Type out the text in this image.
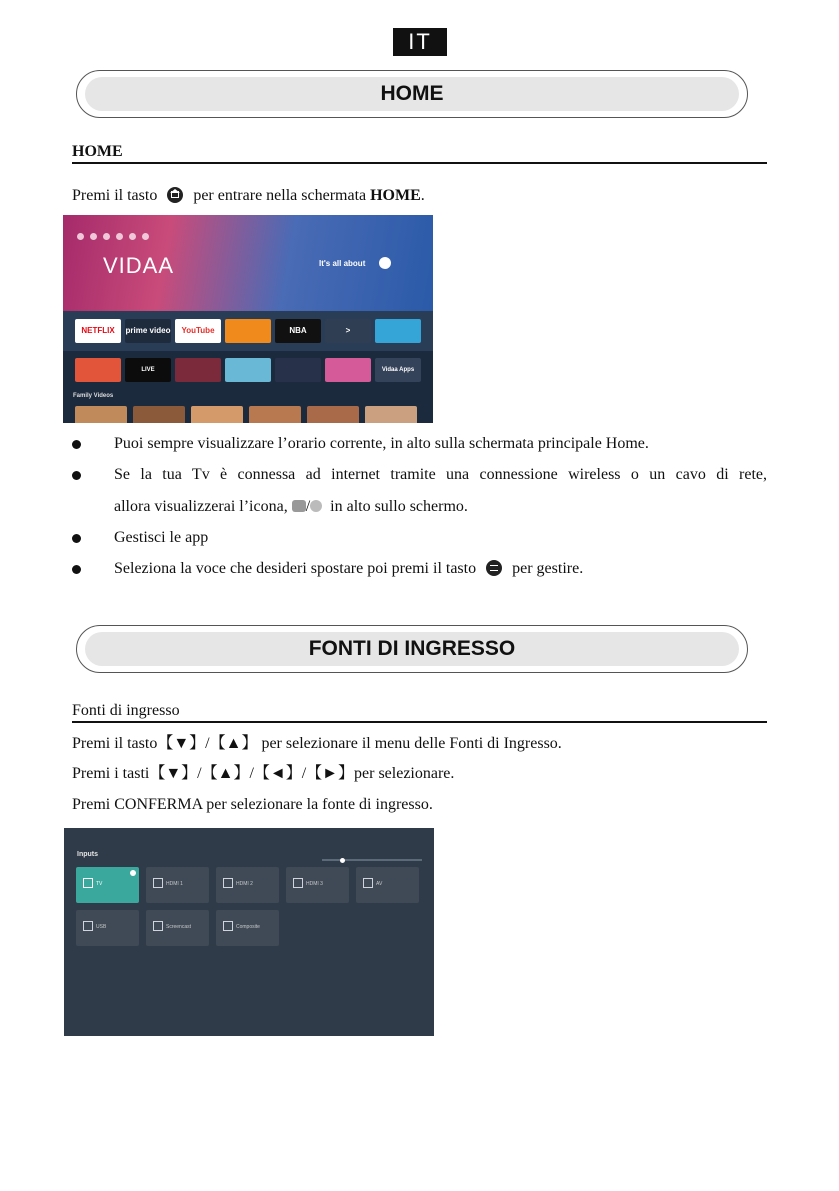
IT
HOME
HOME
Premi il tasto per entrare nella schermata HOME.
VIDAA	It's all about
NETFLIX	prime video	YouTube	NBA	>
LIVE	Vidaa Apps
Family Videos
Puoi sempre visualizzare l’orario corrente, in alto sulla schermata principale Home.
Se la tua Tv è connessa ad internet tramite una connessione wireless o un cavo di rete,
allora visualizzerai l’icona, / in alto sullo schermo.
Gestisci le app
Seleziona la voce che desideri spostare poi premi il tasto per gestire.
FONTI DI INGRESSO
Fonti di ingresso
Premi il tasto【▼】/【▲】 per selezionare il menu delle Fonti di Ingresso.
Premi i tasti【▼】/【▲】/【◄】/【►】per selezionare.
Premi CONFERMA per selezionare la fonte di ingresso.
Inputs
TV	HDMI 1	HDMI 2	HDMI 3	AV
USB	Screencast	Composite
